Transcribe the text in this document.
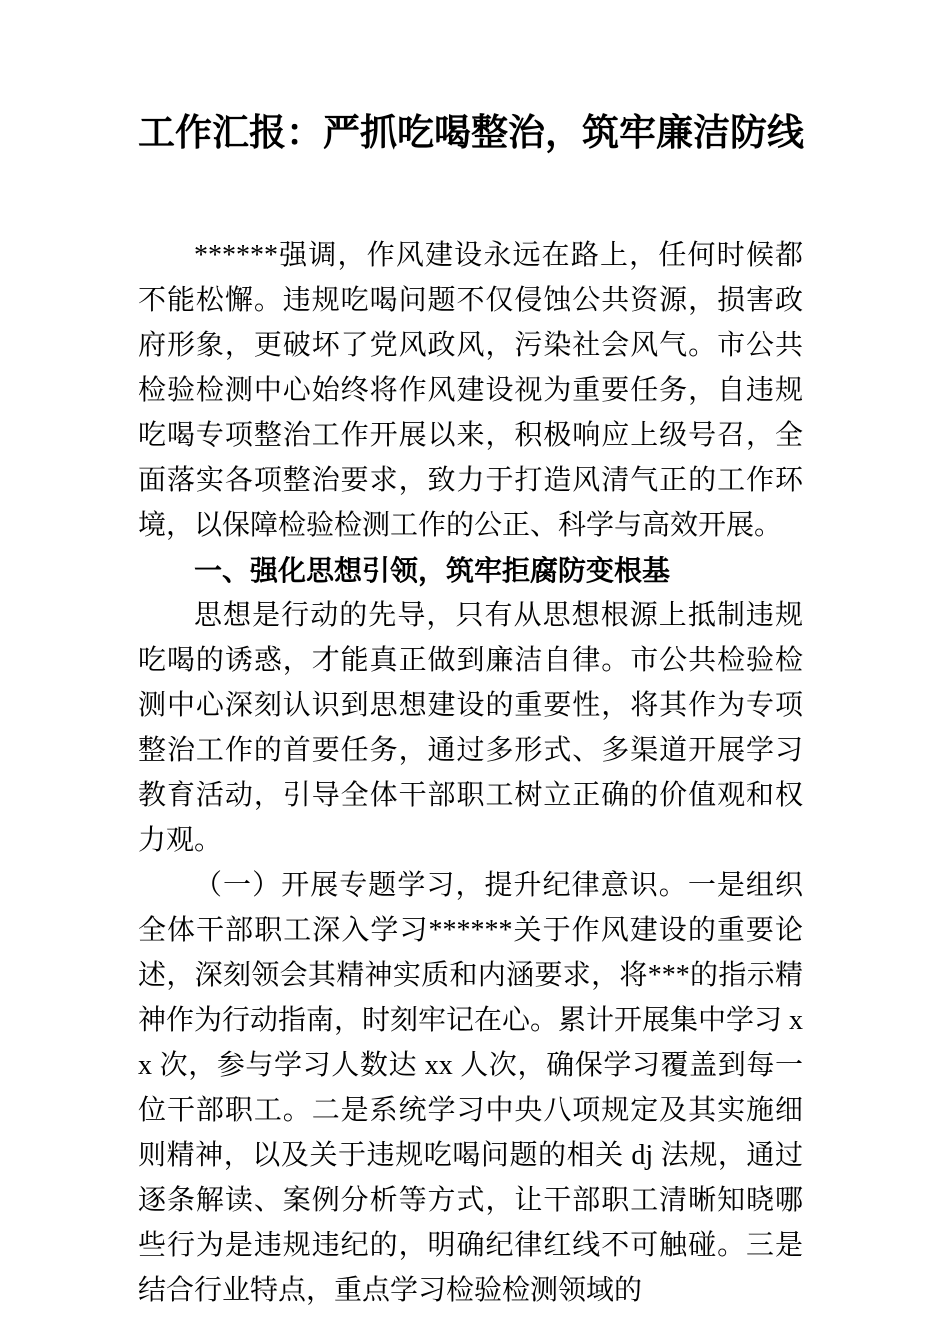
工作汇报：严抓吃喝整治，筑牢廉洁防线

******强调，作风建设永远在路上，任何时候都不能松懈。违规吃喝问题不仅侵蚀公共资源，损害政府形象，更破坏了党风政风，污染社会风气。市公共检验检测中心始终将作风建设视为重要任务，自违规吃喝专项整治工作开展以来，积极响应上级号召，全面落实各项整治要求，致力于打造风清气正的工作环境，以保障检验检测工作的公正、科学与高效开展。

一、强化思想引领，筑牢拒腐防变根基

思想是行动的先导，只有从思想根源上抵制违规吃喝的诱惑，才能真正做到廉洁自律。市公共检验检测中心深刻认识到思想建设的重要性，将其作为专项整治工作的首要任务，通过多形式、多渠道开展学习教育活动，引导全体干部职工树立正确的价值观和权力观。

（一）开展专题学习，提升纪律意识。一是组织全体干部职工深入学习******关于作风建设的重要论述，深刻领会其精神实质和内涵要求，将***的指示精神作为行动指南，时刻牢记在心。累计开展集中学习 xx 次，参与学习人数达 xx 人次，确保学习覆盖到每一位干部职工。二是系统学习中央八项规定及其实施细则精神，以及关于违规吃喝问题的相关 dj 法规，通过逐条解读、案例分析等方式，让干部职工清晰知晓哪些行为是违规违纪的，明确纪律红线不可触碰。三是结合行业特点，重点学习检验检测领域的
